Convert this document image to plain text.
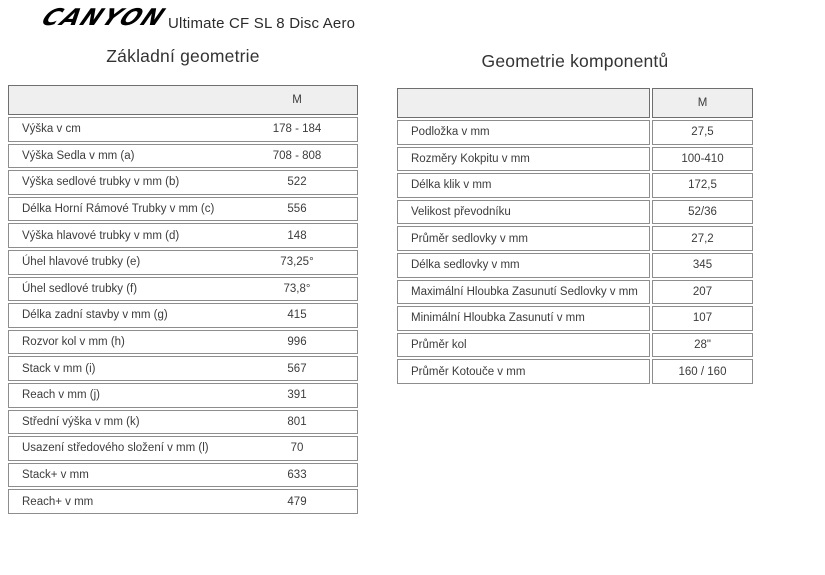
CANYON
Ultimate CF SL 8 Disc Aero
Základní geometrie	Geometrie komponentů
M
Výška v cm	178 - 184
Výška Sedla v mm (a)	708 - 808
Výška sedlové trubky v mm (b)	522
Délka Horní Rámové Trubky v mm (c)	556
Výška hlavové trubky v mm (d)	148
Úhel hlavové trubky (e)	73,25°
Úhel sedlové trubky (f)	73,8°
Délka zadní stavby v mm (g)	415
Rozvor kol v mm (h)	996
Stack v mm (i)	567
Reach v mm (j)	391
Střední výška v mm (k)	801
Usazení středového složení v mm (l)	70
Stack+ v mm	633
Reach+ v mm	479
M
Podložka v mm	27,5
Rozměry Kokpitu v mm	100-410
Délka klik v mm	172,5
Velikost převodníku	52/36
Průměr sedlovky v mm	27,2
Délka sedlovky v mm	345
Maximální Hloubka Zasunutí Sedlovky v mm	207
Minimální Hloubka Zasunutí v mm	107
Průměr kol	28"
Průměr Kotouče v mm	160 / 160
